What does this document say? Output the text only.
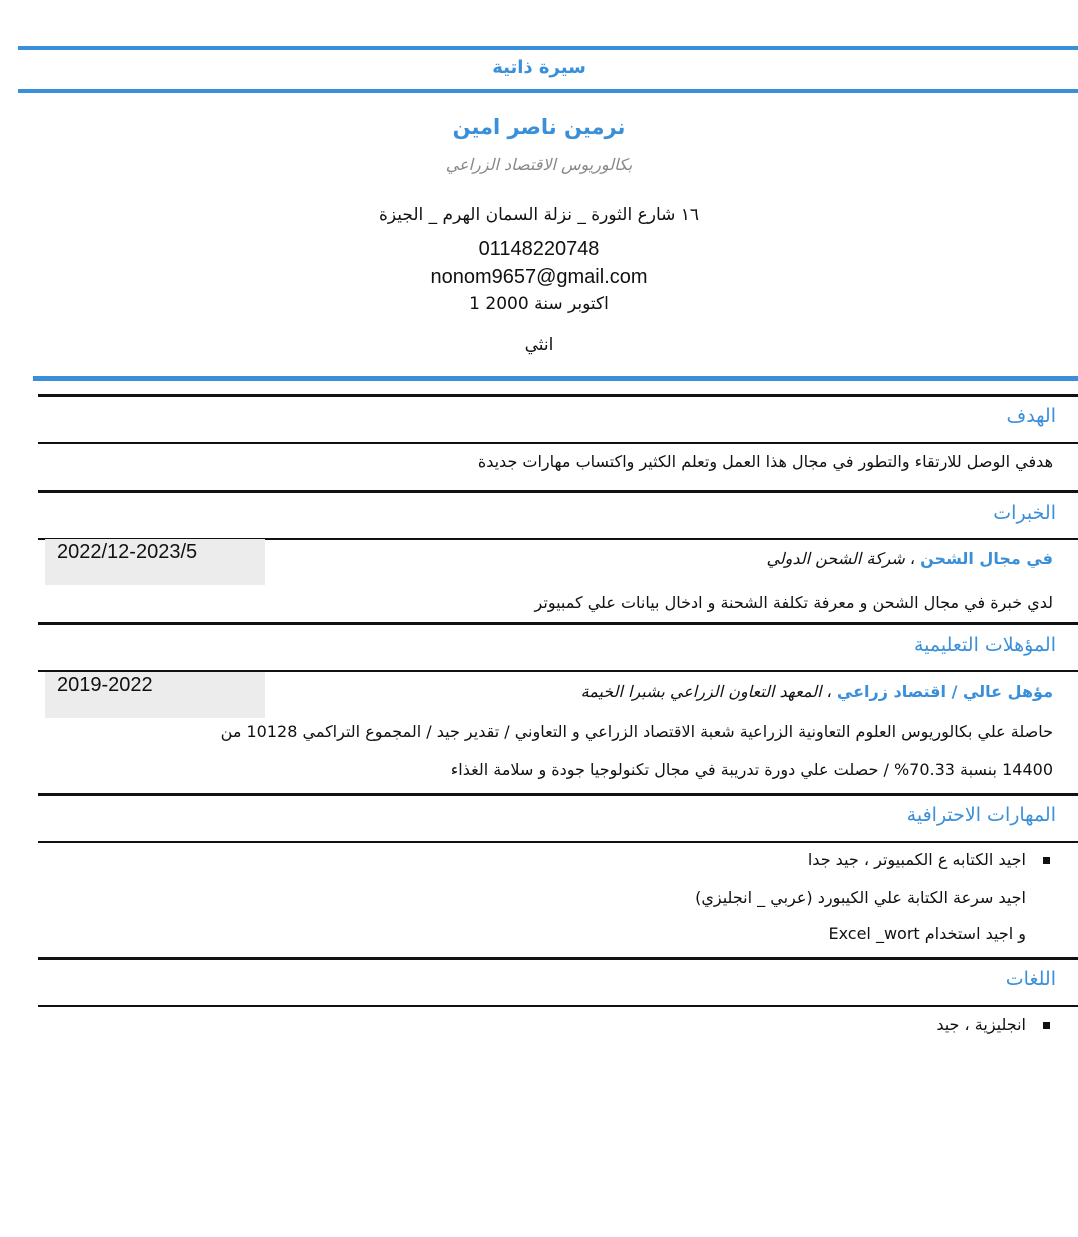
سيرة ذاتية
نرمين ناصر امين
بكالوريوس الاقتصاد الزراعي
١٦ شارع الثورة _ نزلة السمان الهرم _ الجيزة
01148220748
nonom9657@gmail.com
1 اكتوبر سنة 2000
انثي
الهدف
هدفي الوصل للارتقاء والتطور في مجال هذا العمل وتعلم الكثير واكتساب مهارات جديدة
الخبرات
2022/12-2023/5	في مجال الشحن ، شركة الشحن الدولي
لدي خبرة في مجال الشحن و معرفة تكلفة الشحنة و ادخال بيانات علي كمبيوتر
المؤهلات التعليمية
2019-2022	مؤهل عالي / اقتصاد زراعي ، المعهد التعاون الزراعي بشبرا الخيمة
حاصلة علي بكالوريوس العلوم التعاونية الزراعية شعبة الاقتصاد الزراعي و التعاوني / تقدير جيد / المجموع التراكمي 10128 من
14400 بنسبة 70.33% / حصلت علي دورة تدريبة في مجال تكنولوجيا جودة و سلامة الغذاء
المهارات الاحترافية
اجيد الكتابه ع الكمبيوتر ، جيد جدا
اجيد سرعة الكتابة علي الكيبورد (عربي _ انجليزي)
و اجيد استخدام Excel _wort
اللغات
انجليزية ، جيد
